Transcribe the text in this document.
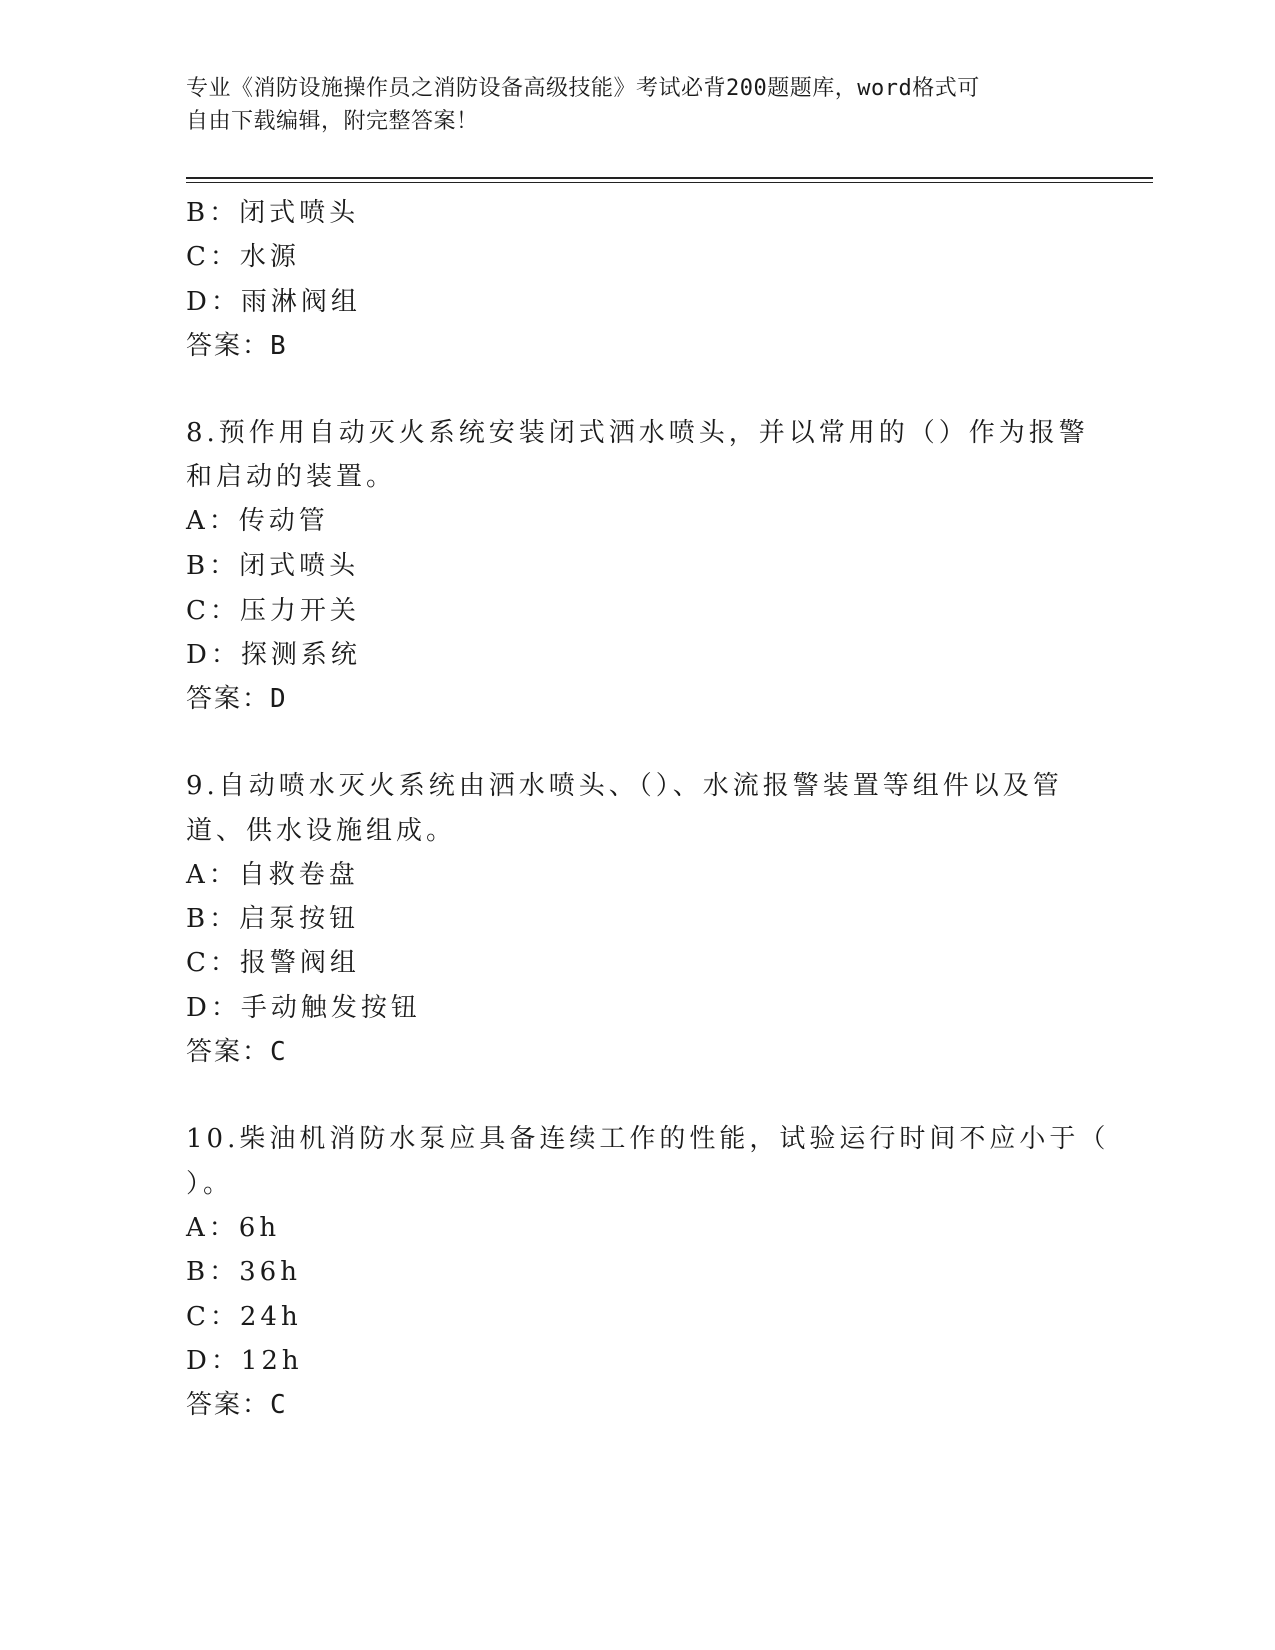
专业《消防设施操作员之消防设备高级技能》考试必背200题题库，word格式可
自由下载编辑，附完整答案！
B：闭式喷头
C：水源
D：雨淋阀组
答案：B
8.预作用自动灭火系统安装闭式洒水喷头，并以常用的（）作为报警
和启动的装置。
A：传动管
B：闭式喷头
C：压力开关
D：探测系统
答案：D
9.自动喷水灭火系统由洒水喷头、（）、水流报警装置等组件以及管
道、供水设施组成。
A：自救卷盘
B：启泵按钮
C：报警阀组
D：手动触发按钮
答案：C
10.柴油机消防水泵应具备连续工作的性能，试验运行时间不应小于（
）。
A：6h
B：36h
C：24h
D：12h
答案：C
